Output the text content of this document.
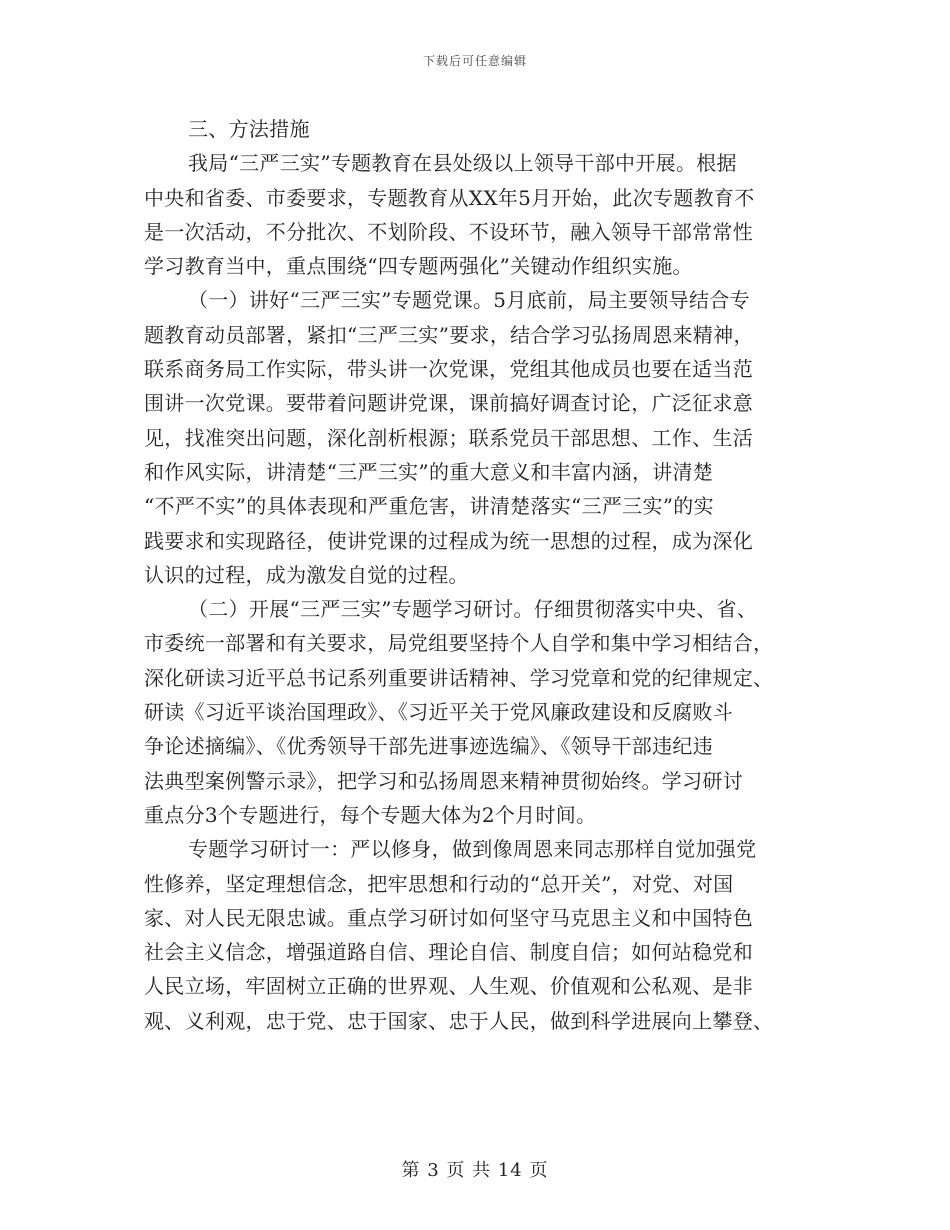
下载后可任意编辑
三、方法措施
我局“三严三实”专题教育在县处级以上领导干部中开展。根据
中央和省委、市委要求，专题教育从XX年5月开始，此次专题教育不
是一次活动，不分批次、不划阶段、不设环节，融入领导干部常常性
学习教育当中，重点围绕“四专题两强化”关键动作组织实施。
（一）讲好“三严三实”专题党课。5月底前，局主要领导结合专
题教育动员部署，紧扣“三严三实”要求，结合学习弘扬周恩来精神，
联系商务局工作实际，带头讲一次党课，党组其他成员也要在适当范
围讲一次党课。要带着问题讲党课，课前搞好调查讨论，广泛征求意
见，找准突出问题，深化剖析根源；联系党员干部思想、工作、生活
和作风实际，讲清楚“三严三实”的重大意义和丰富内涵，讲清楚
“不严不实”的具体表现和严重危害，讲清楚落实“三严三实”的实
践要求和实现路径，使讲党课的过程成为统一思想的过程，成为深化
认识的过程，成为激发自觉的过程。
（二）开展“三严三实”专题学习研讨。仔细贯彻落实中央、省、
市委统一部署和有关要求，局党组要坚持个人自学和集中学习相结合，
深化研读习近平总书记系列重要讲话精神、学习党章和党的纪律规定、
研读《习近平谈治国理政》、《习近平关于党风廉政建设和反腐败斗
争论述摘编》、《优秀领导干部先进事迹选编》、《领导干部违纪违
法典型案例警示录》，把学习和弘扬周恩来精神贯彻始终。学习研讨
重点分3个专题进行，每个专题大体为2个月时间。
专题学习研讨一：严以修身，做到像周恩来同志那样自觉加强党
性修养，坚定理想信念，把牢思想和行动的“总开关”，对党、对国
家、对人民无限忠诚。重点学习研讨如何坚守马克思主义和中国特色
社会主义信念，增强道路自信、理论自信、制度自信；如何站稳党和
人民立场，牢固树立正确的世界观、人生观、价值观和公私观、是非
观、义利观，忠于党、忠于国家、忠于人民，做到科学进展向上攀登、
第 3 页 共 14 页
